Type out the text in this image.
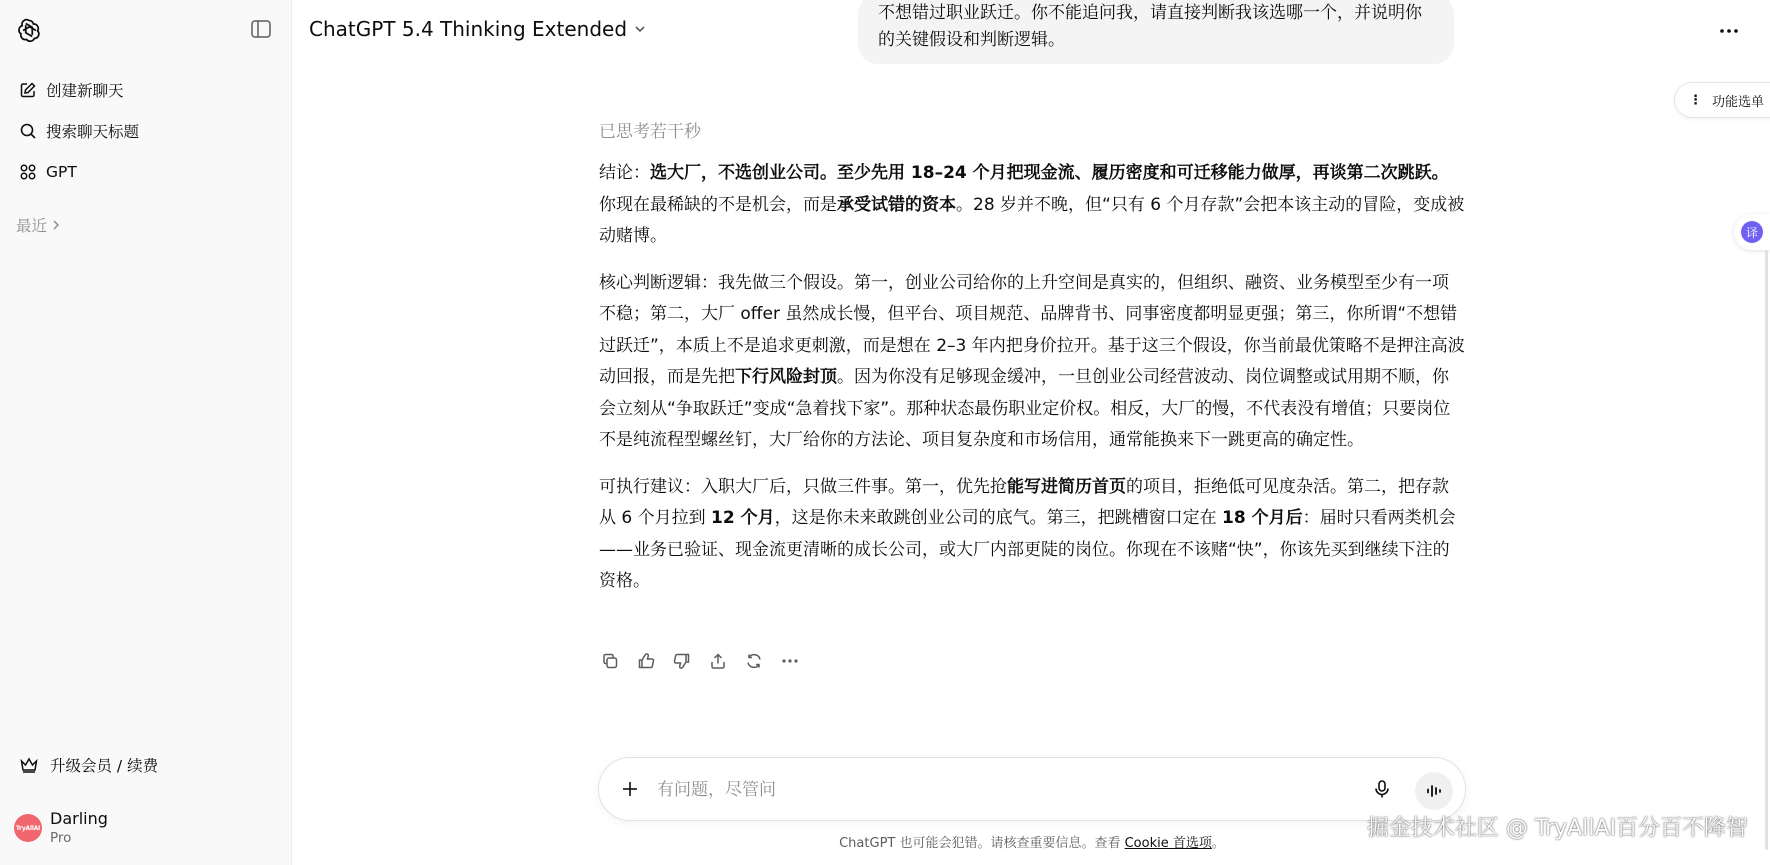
创建新聊天
搜索聊天标题
GPT
最近
升级会员 / 续费
TryAllAI Darling
Pro
ChatGPT 5.4 Thinking Extended
不想错过职业跃迁。你不能追问我，请直接判断我该选哪一个，并说明你的关键假设和判断逻辑。
⋮ 功能选单
译
已思考若干秒

结论：选大厂，不选创业公司。至少先用 18–24 个月把现金流、履历密度和可迁移能力做厚，再谈第二次跳跃。 你现在最稀缺的不是机会，而是承受试错的资本。28 岁并不晚，但“只有 6 个月存款”会把本该主动的冒险，变成被动赌博。

核心判断逻辑：我先做三个假设。第一，创业公司给你的上升空间是真实的，但组织、融资、业务模型至少有一项不稳；第二，大厂 offer 虽然成长慢，但平台、项目规范、品牌背书、同事密度都明显更强；第三，你所谓“不想错过跃迁”，本质上不是追求更刺激，而是想在 2–3 年内把身价拉开。基于这三个假设，你当前最优策略不是押注高波动回报，而是先把下行风险封顶。因为你没有足够现金缓冲，一旦创业公司经营波动、岗位调整或试用期不顺，你会立刻从“争取跃迁”变成“急着找下家”。那种状态最伤职业定价权。相反，大厂的慢，不代表没有增值；只要岗位不是纯流程型螺丝钉，大厂给你的方法论、项目复杂度和市场信用，通常能换来下一跳更高的确定性。

可执行建议：入职大厂后，只做三件事。第一，优先抢能写进简历首页的项目，拒绝低可见度杂活。第二，把存款从 6 个月拉到 12 个月，这是你未来敢跳创业公司的底气。第三，把跳槽窗口定在 18 个月后：届时只看两类机会——业务已验证、现金流更清晰的成长公司，或大厂内部更陡的岗位。你现在不该赌“快”，你该先买到继续下注的资格。

有问题，尽管问
ChatGPT 也可能会犯错。请核查重要信息。查看 Cookie 首选项。
掘金技术社区 @ TryAllAI百分百不降智
